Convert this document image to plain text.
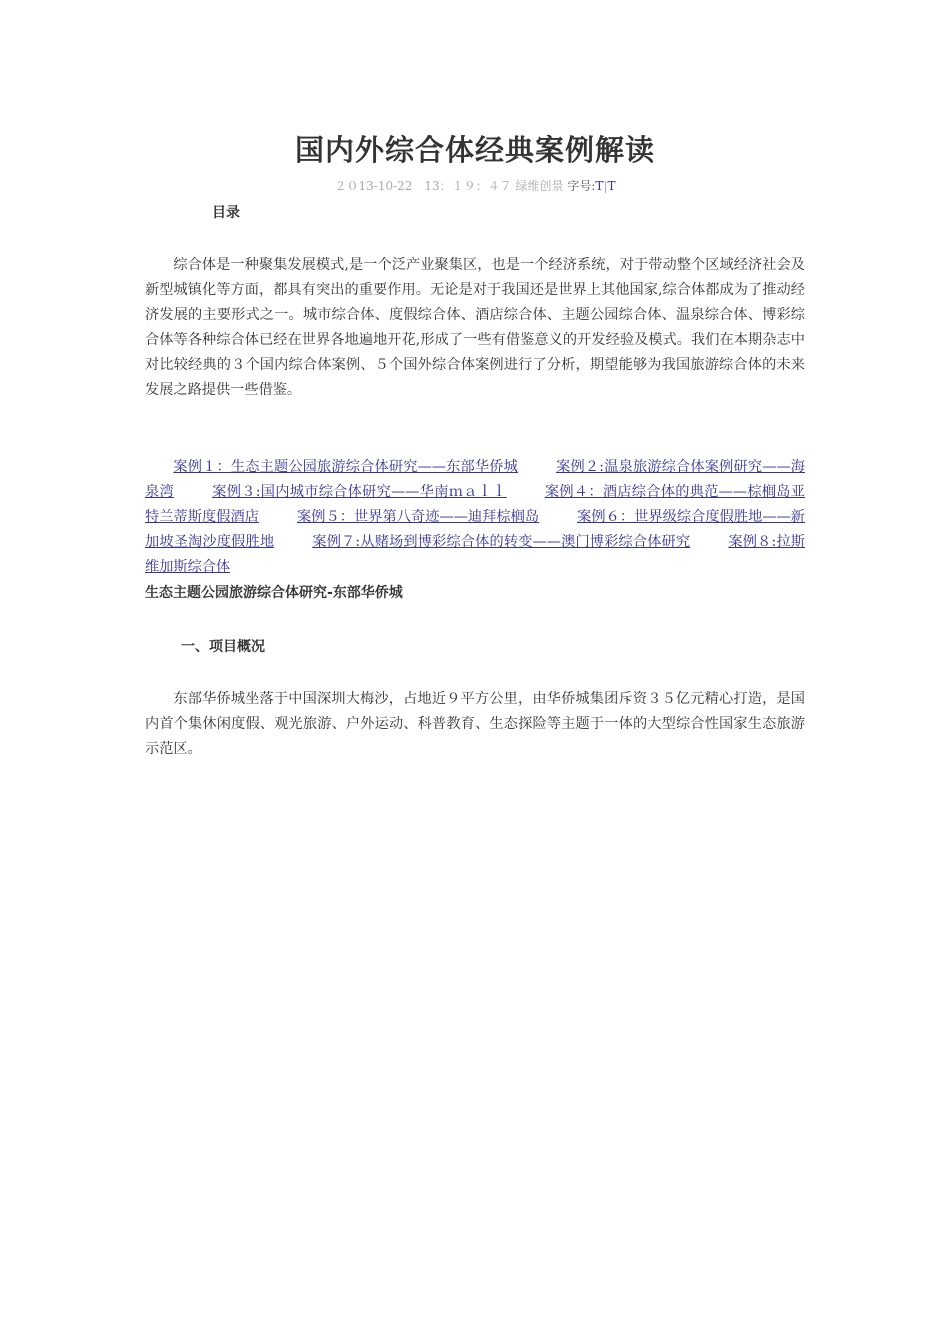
国内外综合体经典案例解读
２０13-10-22　13：１９：４７ 绿维创景 字号:T|T
目录

综合体是一种聚集发展模式,是一个泛产业聚集区，也是一个经济系统，对于带动整个区域经济社会及新型城镇化等方面，都具有突出的重要作用。无论是对于我国还是世界上其他国家,综合体都成为了推动经济发展的主要形式之一。城市综合体、度假综合体、酒店综合体、主题公园综合体、温泉综合体、博彩综合体等各种综合体已经在世界各地遍地开花,形成了一些有借鉴意义的开发经验及模式。我们在本期杂志中对比较经典的３个国内综合体案例、５个国外综合体案例进行了分析，期望能够为我国旅游综合体的未来发展之路提供一些借鉴。

案例１：生态主题公园旅游综合体研究——东部华侨城	案例２:温泉旅游综合体案例研究——海泉湾	案例３:国内城市综合体研究——华南ｍａｌｌ	案例４：酒店综合体的典范——棕榈岛亚特兰蒂斯度假酒店	案例５：世界第八奇迹——迪拜棕榈岛	案例６：世界级综合度假胜地——新加坡圣淘沙度假胜地	案例７:从赌场到博彩综合体的转变——澳门博彩综合体研究	案例８:拉斯维加斯综合体

生态主题公园旅游综合体研究-东部华侨城
一、项目概况

东部华侨城坐落于中国深圳大梅沙，占地近９平方公里，由华侨城集团斥资３５亿元精心打造，是国内首个集休闲度假、观光旅游、户外运动、科普教育、生态探险等主题于一体的大型综合性国家生态旅游示范区。
